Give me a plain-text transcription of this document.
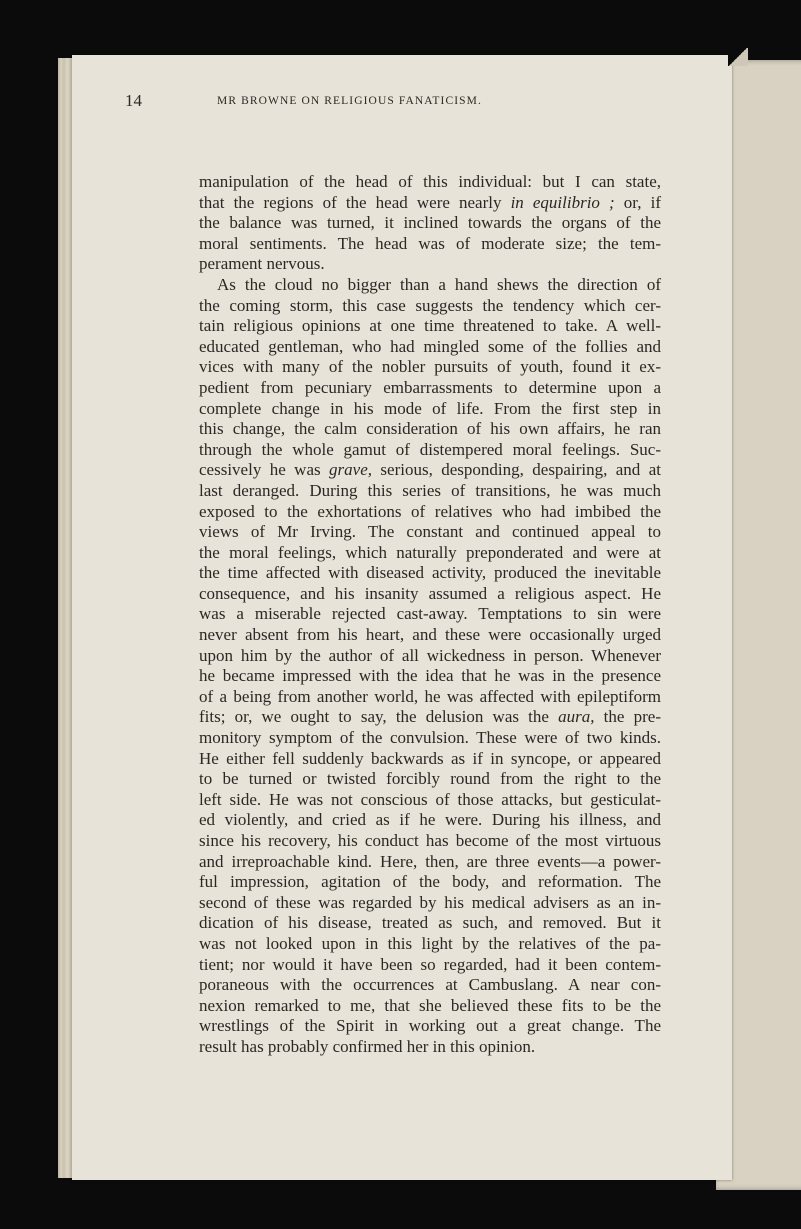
14	MR BROWNE ON RELIGIOUS FANATICISM.
manipulation of the head of this individual: but I can state,
that the regions of the head were nearly in equilibrio ; or, if
the balance was turned, it inclined towards the organs of the
moral sentiments. The head was of moderate size; the tem-
perament nervous.
As the cloud no bigger than a hand shews the direction of
the coming storm, this case suggests the tendency which cer-
tain religious opinions at one time threatened to take. A well-
educated gentleman, who had mingled some of the follies and
vices with many of the nobler pursuits of youth, found it ex-
pedient from pecuniary embarrassments to determine upon a
complete change in his mode of life. From the first step in
this change, the calm consideration of his own affairs, he ran
through the whole gamut of distempered moral feelings. Suc-
cessively he was grave, serious, desponding, despairing, and at
last deranged. During this series of transitions, he was much
exposed to the exhortations of relatives who had imbibed the
views of Mr Irving. The constant and continued appeal to
the moral feelings, which naturally preponderated and were at
the time affected with diseased activity, produced the inevitable
consequence, and his insanity assumed a religious aspect. He
was a miserable rejected cast-away. Temptations to sin were
never absent from his heart, and these were occasionally urged
upon him by the author of all wickedness in person. Whenever
he became impressed with the idea that he was in the presence
of a being from another world, he was affected with epileptiform
fits; or, we ought to say, the delusion was the aura, the pre-
monitory symptom of the convulsion. These were of two kinds.
He either fell suddenly backwards as if in syncope, or appeared
to be turned or twisted forcibly round from the right to the
left side. He was not conscious of those attacks, but gesticulat-
ed violently, and cried as if he were. During his illness, and
since his recovery, his conduct has become of the most virtuous
and irreproachable kind. Here, then, are three events—a power-
ful impression, agitation of the body, and reformation. The
second of these was regarded by his medical advisers as an in-
dication of his disease, treated as such, and removed. But it
was not looked upon in this light by the relatives of the pa-
tient; nor would it have been so regarded, had it been contem-
poraneous with the occurrences at Cambuslang. A near con-
nexion remarked to me, that she believed these fits to be the
wrestlings of the Spirit in working out a great change. The
result has probably confirmed her in this opinion.
